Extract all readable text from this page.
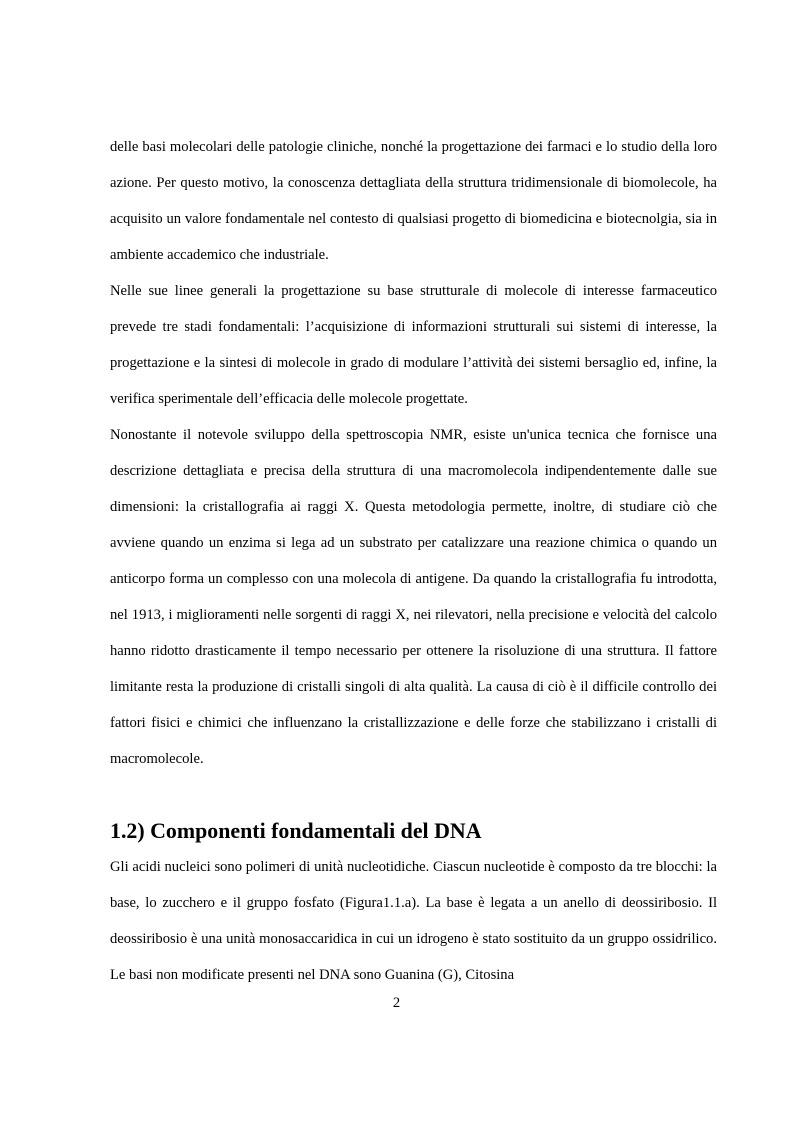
delle basi molecolari delle patologie cliniche, nonché la progettazione dei farmaci e lo studio della loro azione. Per questo motivo, la conoscenza dettagliata della struttura tridimensionale di biomolecole, ha acquisito un valore fondamentale nel contesto di qualsiasi progetto di biomedicina e biotecnolgia, sia in ambiente accademico che industriale.

Nelle sue linee generali la progettazione su base strutturale di molecole di interesse farmaceutico prevede tre stadi fondamentali: l’acquisizione di informazioni strutturali sui sistemi di interesse, la progettazione e la sintesi di molecole in grado di modulare l’attività dei sistemi bersaglio ed, infine, la verifica sperimentale dell’efficacia delle molecole progettate.

Nonostante il notevole sviluppo della spettroscopia NMR, esiste un'unica tecnica che fornisce una descrizione dettagliata e precisa della struttura di una macromolecola indipendentemente dalle sue dimensioni: la cristallografia ai raggi X. Questa metodologia permette, inoltre, di studiare ciò che avviene quando un enzima si lega ad un substrato per catalizzare una reazione chimica o quando un anticorpo forma un complesso con una molecola di antigene. Da quando la cristallografia fu introdotta, nel 1913, i miglioramenti nelle sorgenti di raggi X, nei rilevatori, nella precisione e velocità del calcolo hanno ridotto drasticamente il tempo necessario per ottenere la risoluzione di una struttura. Il fattore limitante resta la produzione di cristalli singoli di alta qualità. La causa di ciò è il difficile controllo dei fattori fisici e chimici che influenzano la cristallizzazione e delle forze che stabilizzano i cristalli di macromolecole.

1.2) Componenti fondamentali del DNA

Gli acidi nucleici sono polimeri di unità nucleotidiche. Ciascun nucleotide è composto da tre blocchi: la base, lo zucchero e il gruppo fosfato (Figura1.1.a). La base è legata a un anello di deossiribosio. Il deossiribosio è una unità monosaccaridica in cui un idrogeno è stato sostituito da un gruppo ossidrilico. Le basi non modificate presenti nel DNA sono Guanina (G), Citosina

2
